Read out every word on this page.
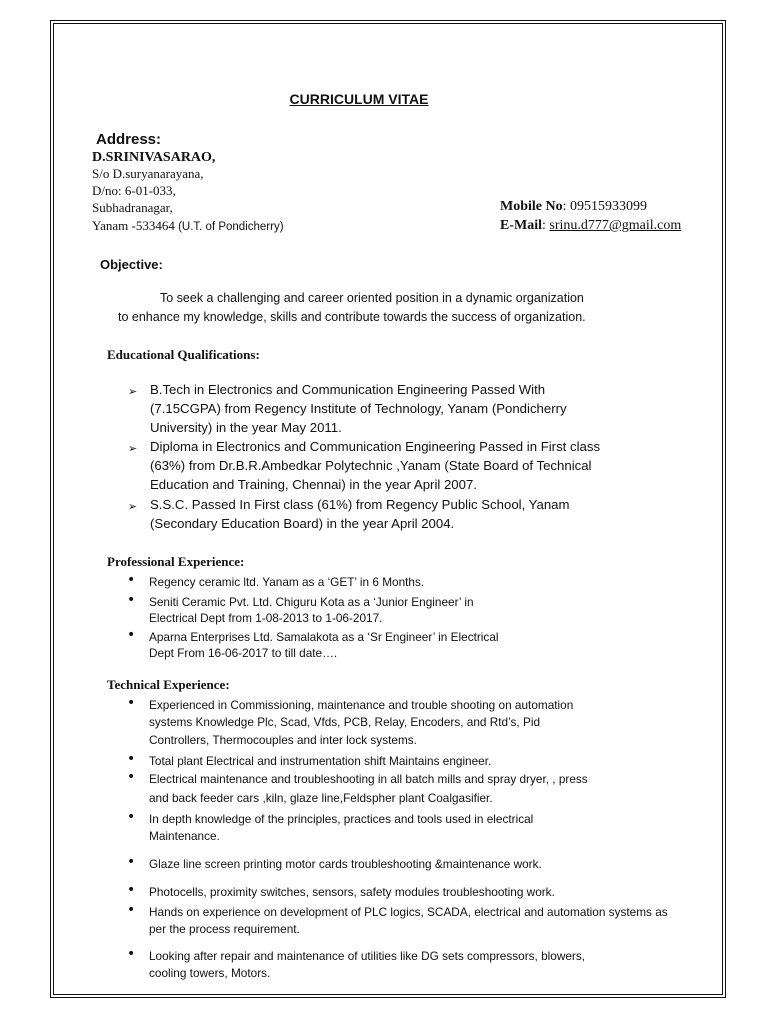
CURRICULUM VITAE
Address:
D.SRINIVASARAO,
S/o D.suryanarayana,
D/no: 6-01-033,
Subhadranagar,
Yanam -533464 (U.T. of Pondicherry)
Mobile No: 09515933099
E-Mail: srinu.d777@gmail.com
Objective:
To seek a challenging and career oriented position in a dynamic organization
to enhance my knowledge, skills and contribute towards the success of organization.
Educational Qualifications:
➢ B.Tech in Electronics and Communication Engineering Passed With
(7.15CGPA) from Regency Institute of Technology, Yanam (Pondicherry
University) in the year May 2011.
➢ Diploma in Electronics and Communication Engineering Passed in First class
(63%) from Dr.B.R.Ambedkar Polytechnic ,Yanam (State Board of Technical
Education and Training, Chennai) in the year April 2007.
➢ S.S.C. Passed In First class (61%) from Regency Public School, Yanam
(Secondary Education Board) in the year April 2004.
Professional Experience:
• Regency ceramic ltd. Yanam as a ‘GET’ in 6 Months.
• Seniti Ceramic Pvt. Ltd. Chiguru Kota as a ‘Junior Engineer’ in
Electrical Dept from 1-08-2013 to 1-06-2017.
• Aparna Enterprises Ltd. Samalakota as a ‘Sr Engineer’ in Electrical
Dept From 16-06-2017 to till date….
Technical Experience:
• Experienced in Commissioning, maintenance and trouble shooting on automation
systems Knowledge Plc, Scad, Vfds, PCB, Relay, Encoders, and Rtd’s, Pid
Controllers, Thermocouples and inter lock systems.
• Total plant Electrical and instrumentation shift Maintains engineer.
• Electrical maintenance and troubleshooting in all batch mills and spray dryer, , press
and back feeder cars ,kiln, glaze line,Feldspher plant Coalgasifier.
• In depth knowledge of the principles, practices and tools used in electrical
Maintenance.
• Glaze line screen printing motor cards troubleshooting &maintenance work.
• Photocells, proximity switches, sensors, safety modules troubleshooting work.
• Hands on experience on development of PLC logics, SCADA, electrical and automation systems as
per the process requirement.
• Looking after repair and maintenance of utilities like DG sets compressors, blowers,
cooling towers, Motors.
